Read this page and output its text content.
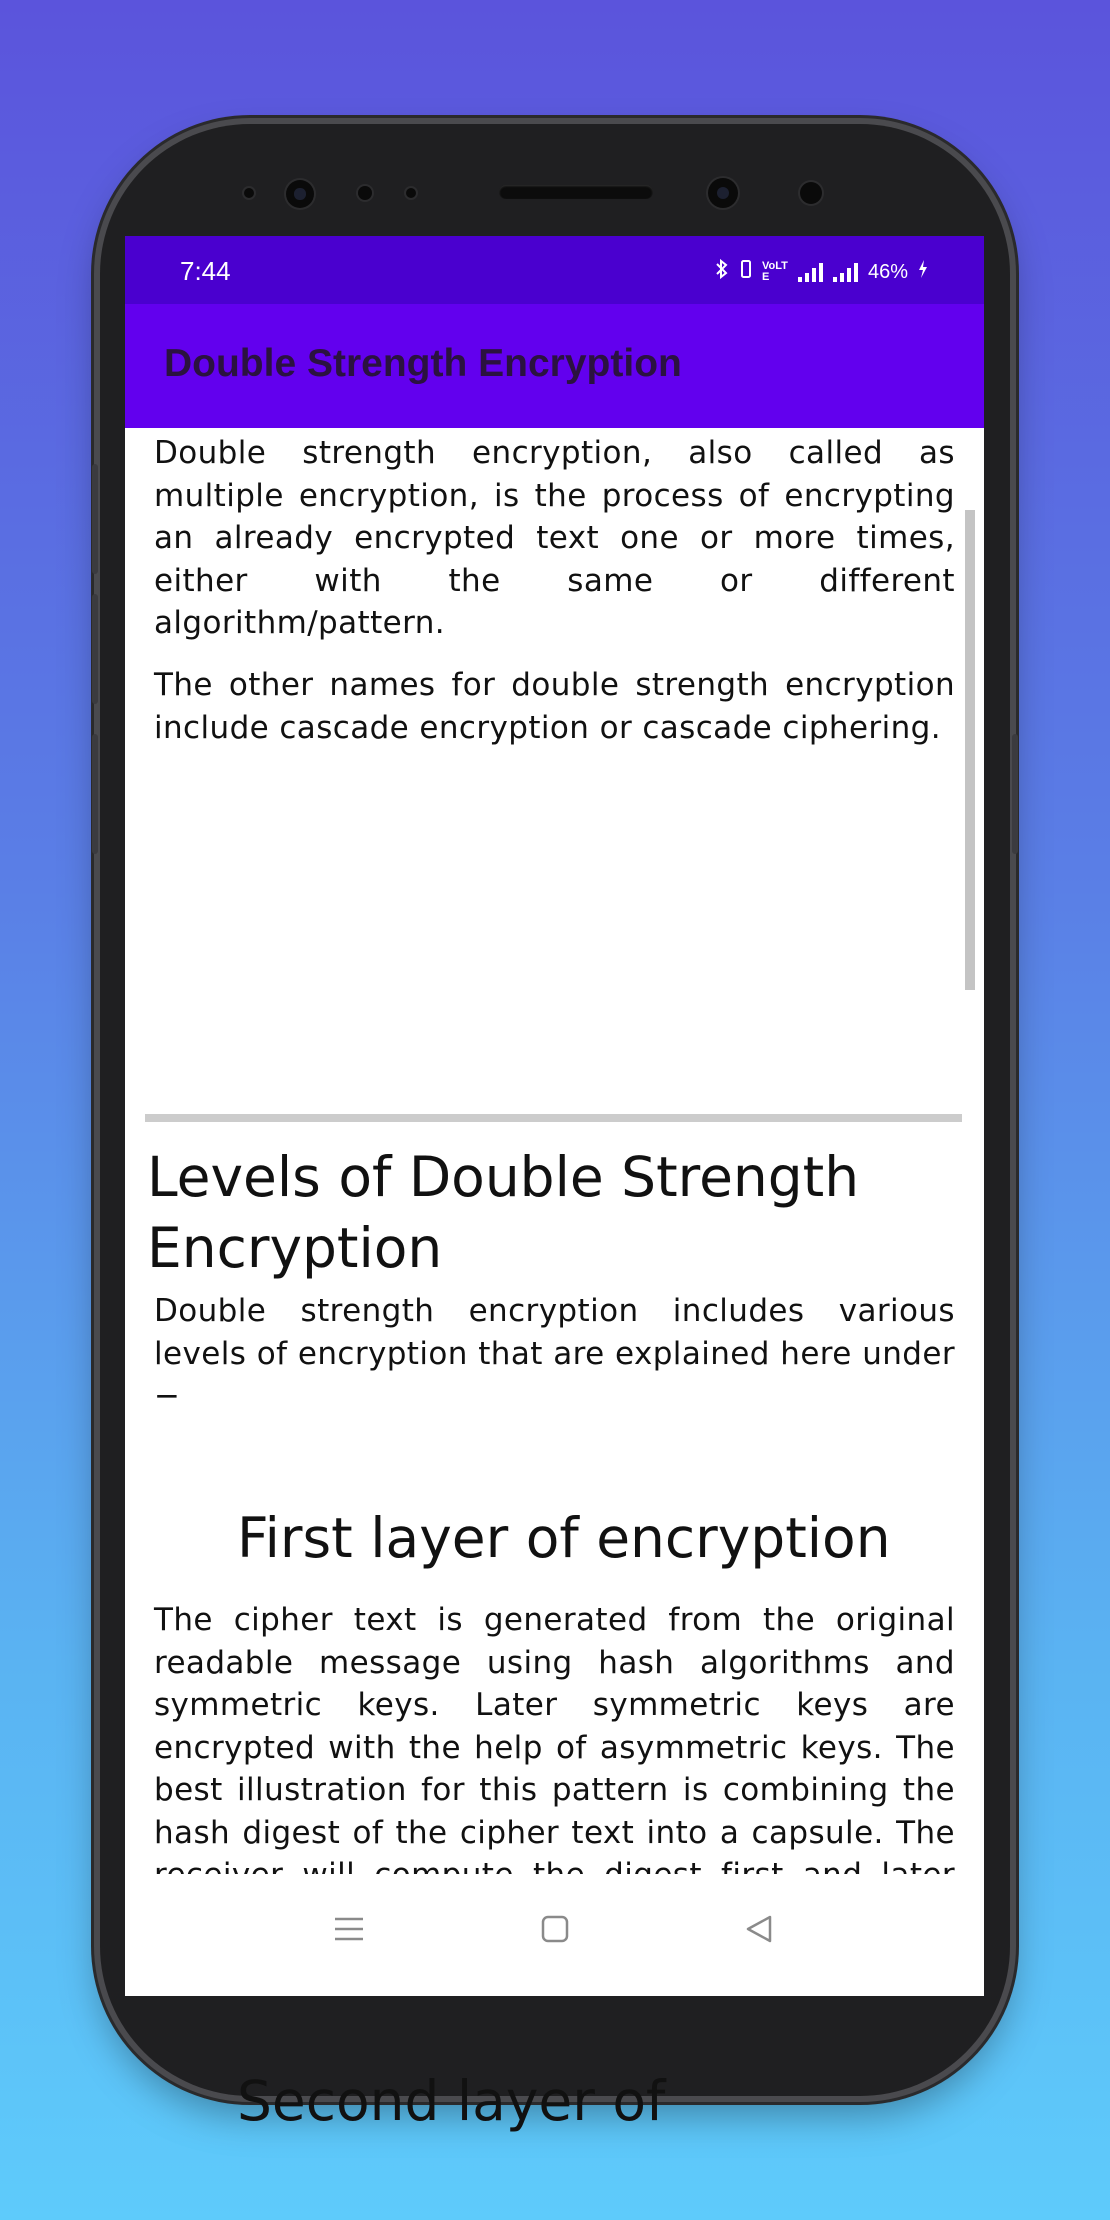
7:44	VoLTE	46%
Double Strength Encryption

Double strength encryption, also called as multiple encryption, is the process of encrypting an already encrypted text one or more times, either with the same or different algorithm/pattern.

The other names for double strength encryption include cascade encryption or cascade ciphering.

Levels of Double Strength Encryption

Double strength encryption includes various levels of encryption that are explained here under −

First layer of encryption

The cipher text is generated from the original readable message using hash algorithms and symmetric keys. Later symmetric keys are encrypted with the help of asymmetric keys. The best illustration for this pattern is combining the hash digest of the cipher text into a capsule. The

Second layer of
